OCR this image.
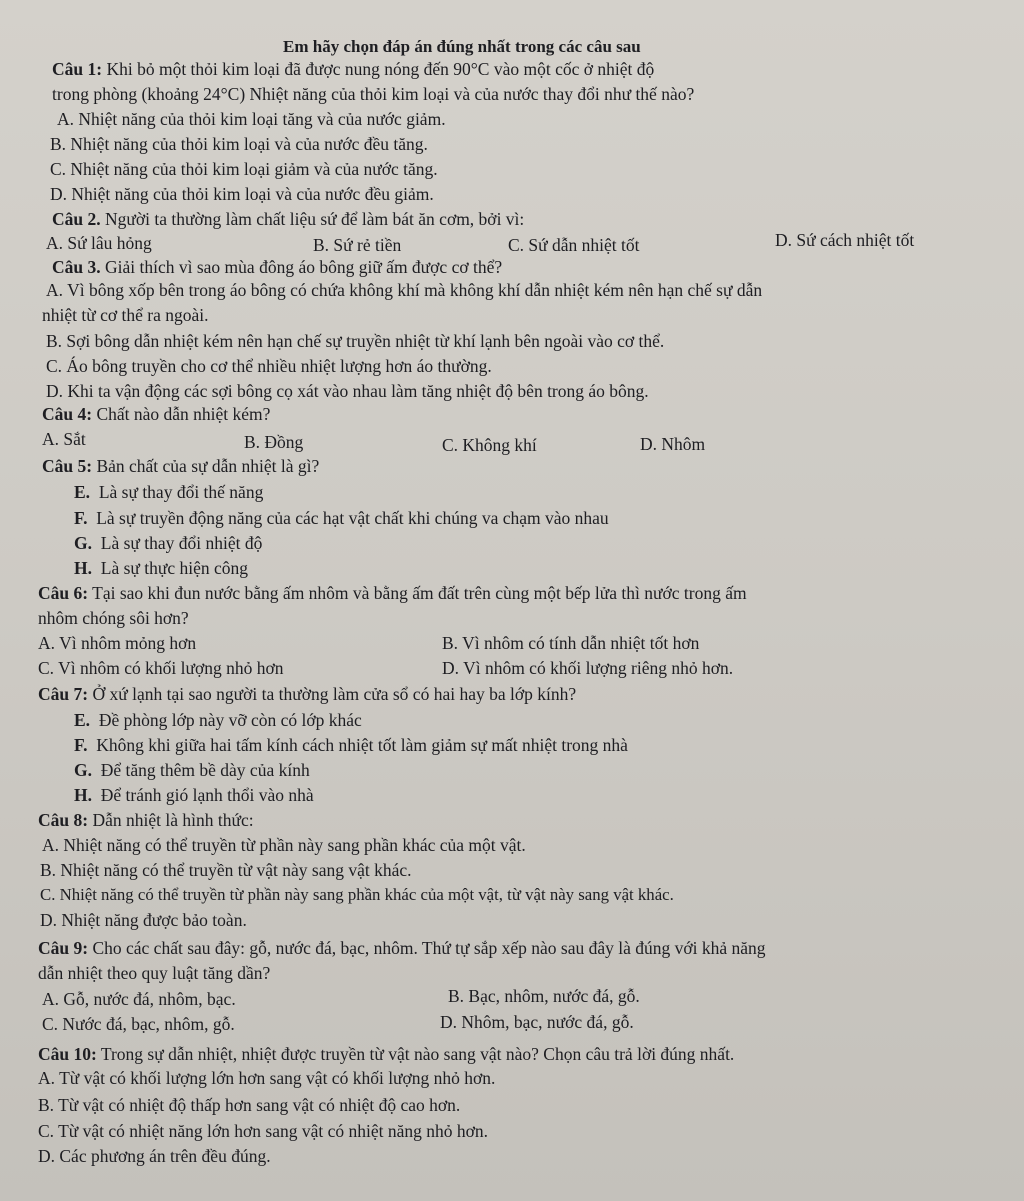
Em hãy chọn đáp án đúng nhất trong các câu sau
Câu 1: Khi bỏ một thỏi kim loại đã được nung nóng đến 90°C vào một cốc ở nhiệt độ
trong phòng (khoảng 24°C) Nhiệt năng của thỏi kim loại và của nước thay đổi như thế nào?
A. Nhiệt năng của thỏi kim loại tăng và của nước giảm.
B. Nhiệt năng của thỏi kim loại và của nước đều tăng.
C. Nhiệt năng của thỏi kim loại giảm và của nước tăng.
D. Nhiệt năng của thỏi kim loại và của nước đều giảm.
Câu 2. Người ta thường làm chất liệu sứ để làm bát ăn cơm, bởi vì:
A. Sứ lâu hỏng	B. Sứ rẻ tiền	C. Sứ dẫn nhiệt tốt	D. Sứ cách nhiệt tốt
Câu 3. Giải thích vì sao mùa đông áo bông giữ ấm được cơ thể?
A. Vì bông xốp bên trong áo bông có chứa không khí mà không khí dẫn nhiệt kém nên hạn chế sự dẫn
nhiệt từ cơ thể ra ngoài.
B. Sợi bông dẫn nhiệt kém nên hạn chế sự truyền nhiệt từ khí lạnh bên ngoài vào cơ thể.
C. Áo bông truyền cho cơ thể nhiều nhiệt lượng hơn áo thường.
D. Khi ta vận động các sợi bông cọ xát vào nhau làm tăng nhiệt độ bên trong áo bông.
Câu 4: Chất nào dẫn nhiệt kém?
A. Sắt	B. Đồng	C. Không khí	D. Nhôm
Câu 5: Bản chất của sự dẫn nhiệt là gì?
E. Là sự thay đổi thế năng
F. Là sự truyền động năng của các hạt vật chất khi chúng va chạm vào nhau
G. Là sự thay đổi nhiệt độ
H. Là sự thực hiện công
Câu 6: Tại sao khi đun nước bằng ấm nhôm và bằng ấm đất trên cùng một bếp lửa thì nước trong ấm
nhôm chóng sôi hơn?
A. Vì nhôm mỏng hơn	B. Vì nhôm có tính dẫn nhiệt tốt hơn
C. Vì nhôm có khối lượng nhỏ hơn	D. Vì nhôm có khối lượng riêng nhỏ hơn.
Câu 7: Ở xứ lạnh tại sao người ta thường làm cửa sổ có hai hay ba lớp kính?
E. Đề phòng lớp này vỡ còn có lớp khác
F. Không khi giữa hai tấm kính cách nhiệt tốt làm giảm sự mất nhiệt trong nhà
G. Để tăng thêm bề dày của kính
H. Để tránh gió lạnh thổi vào nhà
Câu 8: Dẫn nhiệt là hình thức:
A. Nhiệt năng có thể truyền từ phần này sang phần khác của một vật.
B. Nhiệt năng có thể truyền từ vật này sang vật khác.
C. Nhiệt năng có thể truyền từ phần này sang phần khác của một vật, từ vật này sang vật khác.
D. Nhiệt năng được bảo toàn.
Câu 9: Cho các chất sau đây: gỗ, nước đá, bạc, nhôm. Thứ tự sắp xếp nào sau đây là đúng với khả năng
dẫn nhiệt theo quy luật tăng dần?
A. Gỗ, nước đá, nhôm, bạc.	B. Bạc, nhôm, nước đá, gỗ.
C. Nước đá, bạc, nhôm, gỗ.	D. Nhôm, bạc, nước đá, gỗ.
Câu 10: Trong sự dẫn nhiệt, nhiệt được truyền từ vật nào sang vật nào? Chọn câu trả lời đúng nhất.
A. Từ vật có khối lượng lớn hơn sang vật có khối lượng nhỏ hơn.
B. Từ vật có nhiệt độ thấp hơn sang vật có nhiệt độ cao hơn.
C. Từ vật có nhiệt năng lớn hơn sang vật có nhiệt năng nhỏ hơn.
D. Các phương án trên đều đúng.
